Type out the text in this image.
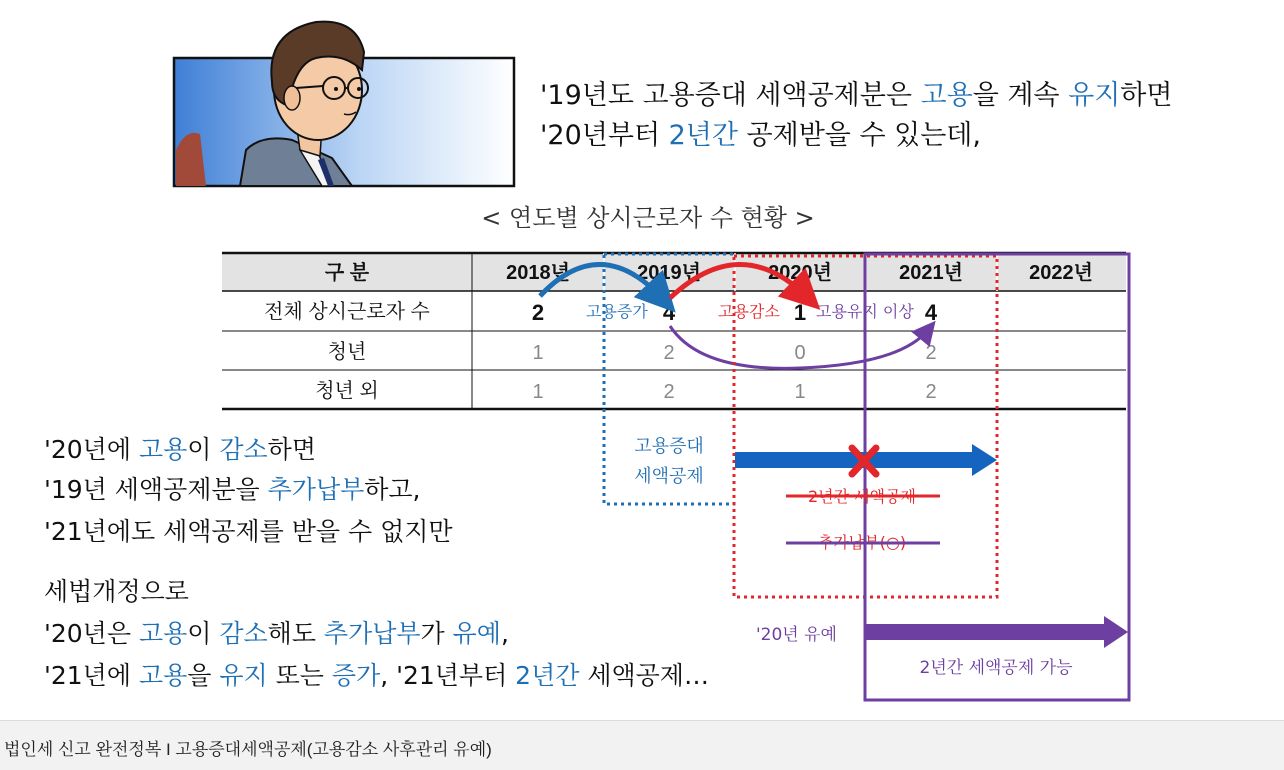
'19년도 고용증대 세액공제분은 고용을 계속 유지하면
'20년부터 2년간 공제받을 수 있는데,
< 연도별 상시근로자 수 현황 >
구 분	2018년	2019년	2020년	2021년	2022년
전체 상시근로자 수	2	4	1	4
청년	1	2	0	2
청년 외	1	2	1	2
고용증가	고용감소 고용유지 이상
고용증대
세액공제
2년간 세액공제
추가납부(○)
'20년 유예
2년간 세액공제 가능
'20년에 고용이 감소하면
'19년 세액공제분을 추가납부하고,
'21년에도 세액공제를 받을 수 없지만
세법개정으로
'20년은 고용이 감소해도 추가납부가 유예,
'21년에 고용을 유지 또는 증가, '21년부터 2년간 세액공제…
법인세 신고 완전정복 I 고용증대세액공제(고용감소 사후관리 유예)
